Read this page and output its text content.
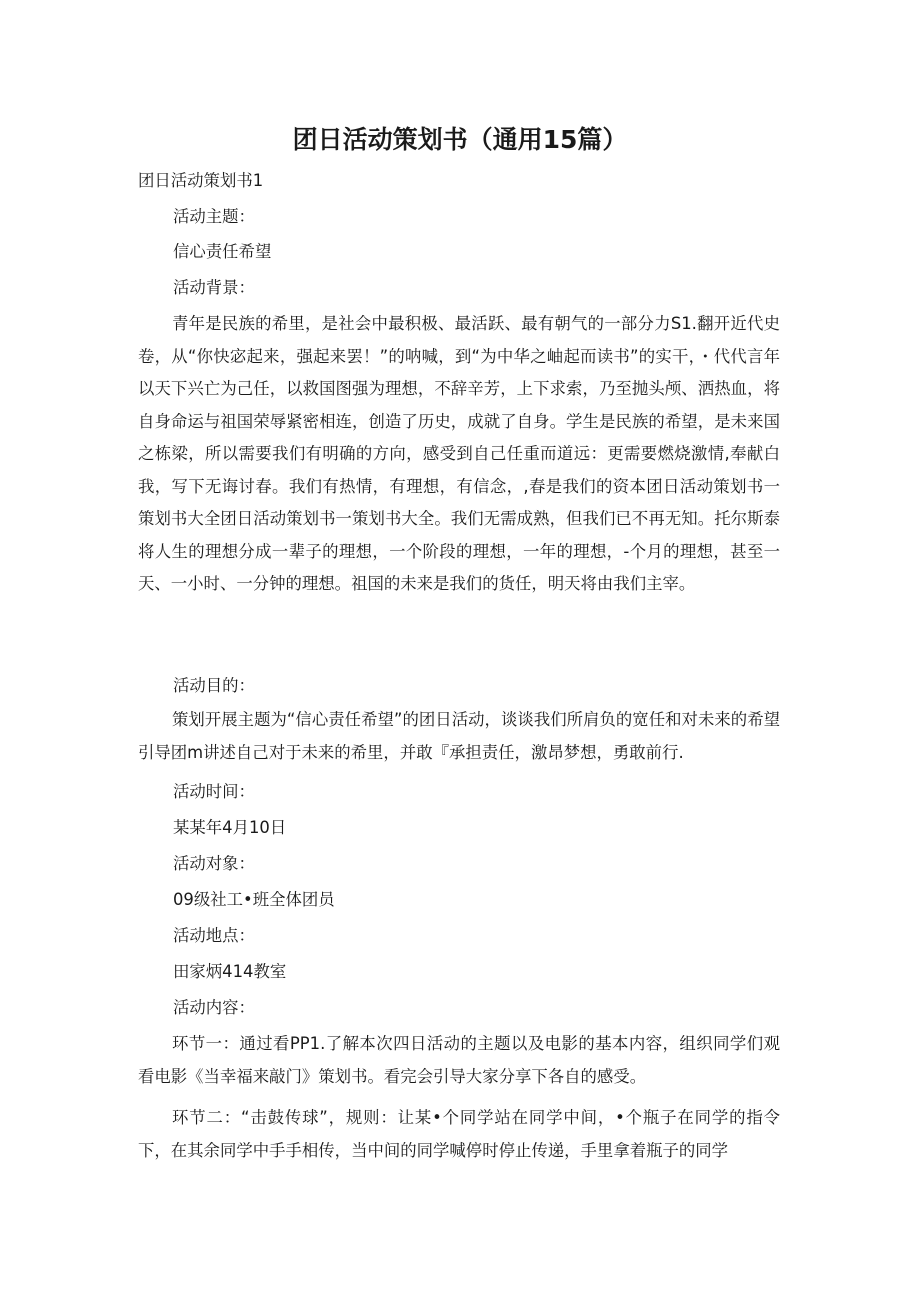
团日活动策划书（通用15篇）
团日活动策划书1
活动主题：
信心责任希望
活动背景：
青年是民族的希里，是社会中最积极、最活跃、最有朝气的一部分力S1.翻开近代史卷，从“你快宓起来，强起来罢！”的呐喊，到“为中华之岫起而读书”的实干，・代代言年以天下兴亡为己任，以救国图强为理想，不辞辛芳，上下求索，乃至抛头颅、洒热血，将自身命运与祖国荣辱紧密相连，创造了历史，成就了自身。学生是民族的希望，是未来国之栋梁，所以需要我们有明确的方向，感受到自己任重而道远：更需要燃烧激情,奉献白我，写下无诲讨春。我们有热情，有理想，有信念，,春是我们的资本团日活动策划书一策划书大全团日活动策划书一策划书大全。我们无需成熟，但我们已不再无知。托尔斯泰将人生的理想分成一辈子的理想，一个阶段的理想，一年的理想，-个月的理想，甚至一天、一小时、一分钟的理想。祖国的未来是我们的货任，明天将由我们主宰。
活动目的：
策划开展主题为“信心责任希望”的团日活动，谈谈我们所肩负的宽任和对未来的希望引导团m讲述自己对于未来的希里，并敢『承担责任，激昂梦想，勇敢前行.
活动时间：
某某年4月10日
活动对象：
09级社工•班全体团员
活动地点：
田家炳414教室
活动内容：
环节一：通过看PP1.了解本次四日活动的主题以及电影的基本内容，组织同学们观看电影《当幸福来敲门》策划书。看完会引导大家分享下各自的感受。
环节二：“击鼓传球”，规则：让某•个同学站在同学中间，•个瓶子在同学的指令下，在其余同学中手手相传，当中间的同学喊停时停止传递，手里拿着瓶子的同学
